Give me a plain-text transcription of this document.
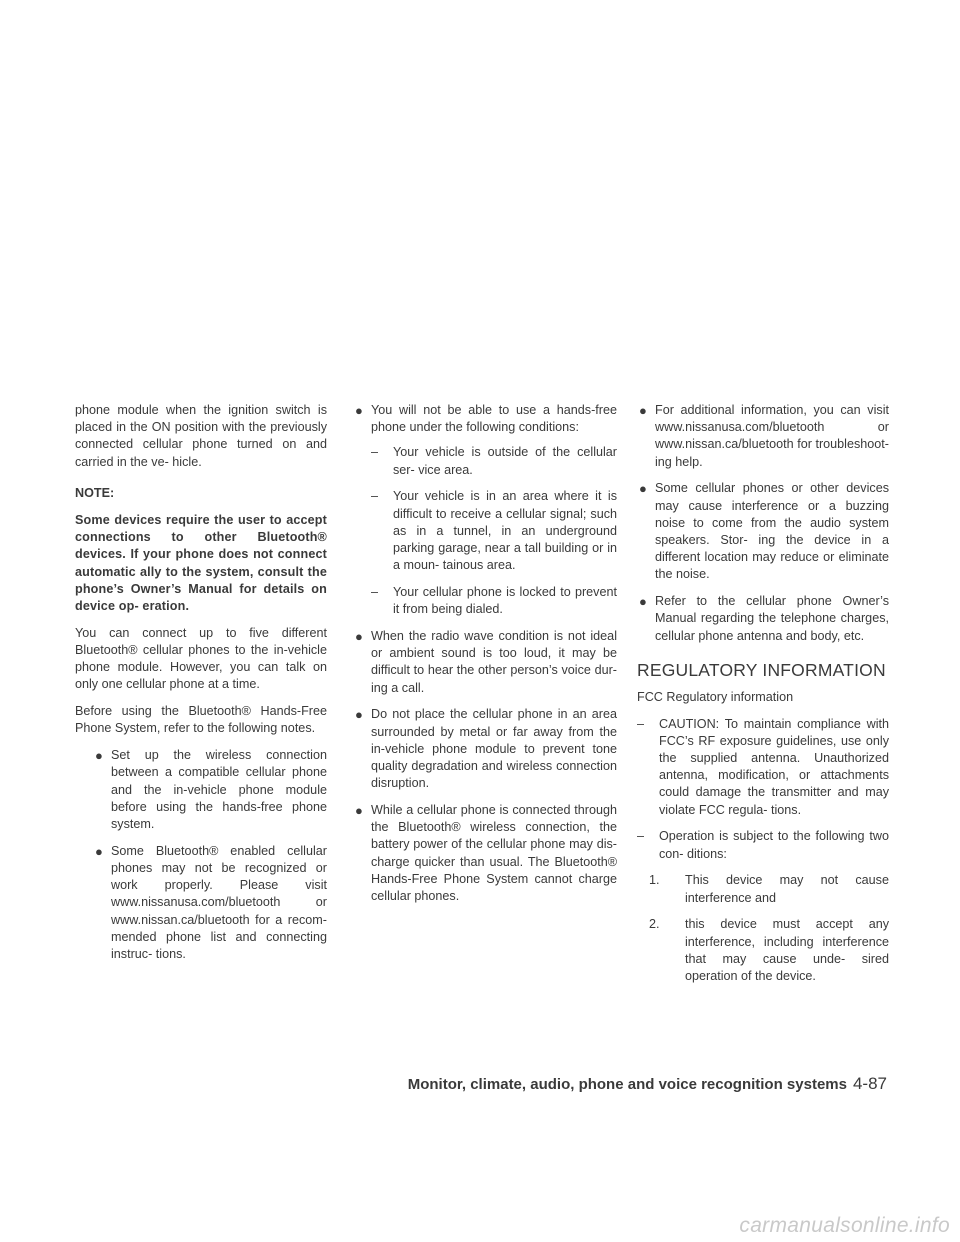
phone module when the ignition switch is placed in the ON position with the previously connected cellular phone turned on and carried in the ve- hicle.

NOTE:

Some devices require the user to accept connections to other Bluetooth® devices. If your phone does not connect automatic ally to the system, consult the phone’s Owner’s Manual for details on device op- eration.

You can connect up to five different Bluetooth® cellular phones to the in-vehicle phone module. However, you can talk on only one cellular phone at a time.

Before using the Bluetooth® Hands-Free Phone System, refer to the following notes.

● Set up the wireless connection between a compatible cellular phone and the in-vehicle phone module before using the hands-free phone system.
● Some Bluetooth® enabled cellular phones may not be recognized or work properly. Please visit www.nissanusa.com/bluetooth or www.nissan.ca/bluetooth for a recom- mended phone list and connecting instruc- tions.
● You will not be able to use a hands-free phone under the following conditions:
– Your vehicle is outside of the cellular ser- vice area.
– Your vehicle is in an area where it is difficult to receive a cellular signal; such as in a tunnel, in an underground parking garage, near a tall building or in a moun- tainous area.
– Your cellular phone is locked to prevent it from being dialed.
● When the radio wave condition is not ideal or ambient sound is too loud, it may be difficult to hear the other person’s voice dur- ing a call.
● Do not place the cellular phone in an area surrounded by metal or far away from the in-vehicle phone module to prevent tone quality degradation and wireless connection disruption.
● While a cellular phone is connected through the Bluetooth® wireless connection, the battery power of the cellular phone may dis- charge quicker than usual. The Bluetooth® Hands-Free Phone System cannot charge cellular phones.
● For additional information, you can visit www.nissanusa.com/bluetooth or www.nissan.ca/bluetooth for troubleshoot- ing help.
● Some cellular phones or other devices may cause interference or a buzzing noise to come from the audio system speakers. Stor- ing the device in a different location may reduce or eliminate the noise.
● Refer to the cellular phone Owner’s Manual regarding the telephone charges, cellular phone antenna and body, etc.
REGULATORY INFORMATION

FCC Regulatory information

– CAUTION: To maintain compliance with FCC’s RF exposure guidelines, use only the supplied antenna. Unauthorized antenna, modification, or attachments could damage the transmitter and may violate FCC regula- tions.
– Operation is subject to the following two con- ditions:
1. This device may not cause interference and
2. this device must accept any interference, including interference that may cause unde- sired operation of the device.
Monitor, climate, audio, phone and voice recognition systems 4-87
carmanualsonline.info
